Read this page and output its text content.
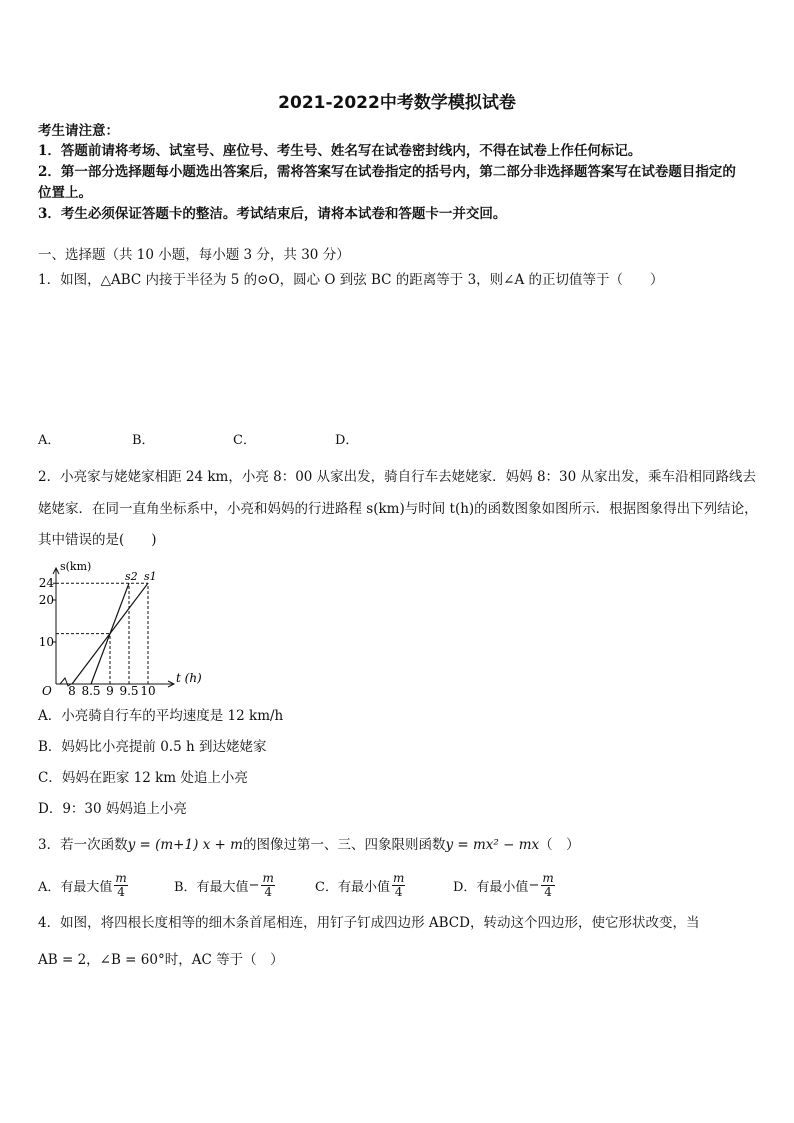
2021-2022中考数学模拟试卷
考生请注意：
1．答题前请将考场、试室号、座位号、考生号、姓名写在试卷密封线内，不得在试卷上作任何标记。
2．第一部分选择题每小题选出答案后，需将答案写在试卷指定的括号内，第二部分非选择题答案写在试卷题目指定的
位置上。
3．考生必须保证答题卡的整洁。考试结束后，请将本试卷和答题卡一并交回。
一、选择题（共 10 小题，每小题 3 分，共 30 分）
1．如图，△ABC 内接于半径为 5 的⊙O，圆心 O 到弦 BC 的距离等于 3，则∠A 的正切值等于（　　）
A．	B．	C．	D．
2．小亮家与姥姥家相距 24 km，小亮 8：00 从家出发，骑自行车去姥姥家．妈妈 8：30 从家出发，乘车沿相同路线去
姥姥家．在同一直角坐标系中，小亮和妈妈的行进路程 s(km)与时间 t(h)的函数图象如图所示．根据图象得出下列结论，
其中错误的是(　　)
10
20
24
8 8.5 9 9.5 10
s1
s2
s(km)
t (h)
O
A．小亮骑自行车的平均速度是 12 km/h
B．妈妈比小亮提前 0.5 h 到达姥姥家
C．妈妈在距家 12 km 处追上小亮
D．9：30 妈妈追上小亮
3．若一次函数y = (m+1) x + m的图像过第一、三、四象限则函数y = mx² − mx（　）
A．有最大值 $\frac{m}{4}$	B．有最大值 − $\frac{m}{4}$	C．有最小值 $\frac{m}{4}$	D．有最小值 − $\frac{m}{4}$
4．如图，将四根长度相等的细木条首尾相连，用钉子钉成四边形 ABCD，转动这个四边形，使它形状改变，当
AB = 2，∠B = 60°时，AC 等于（　）
